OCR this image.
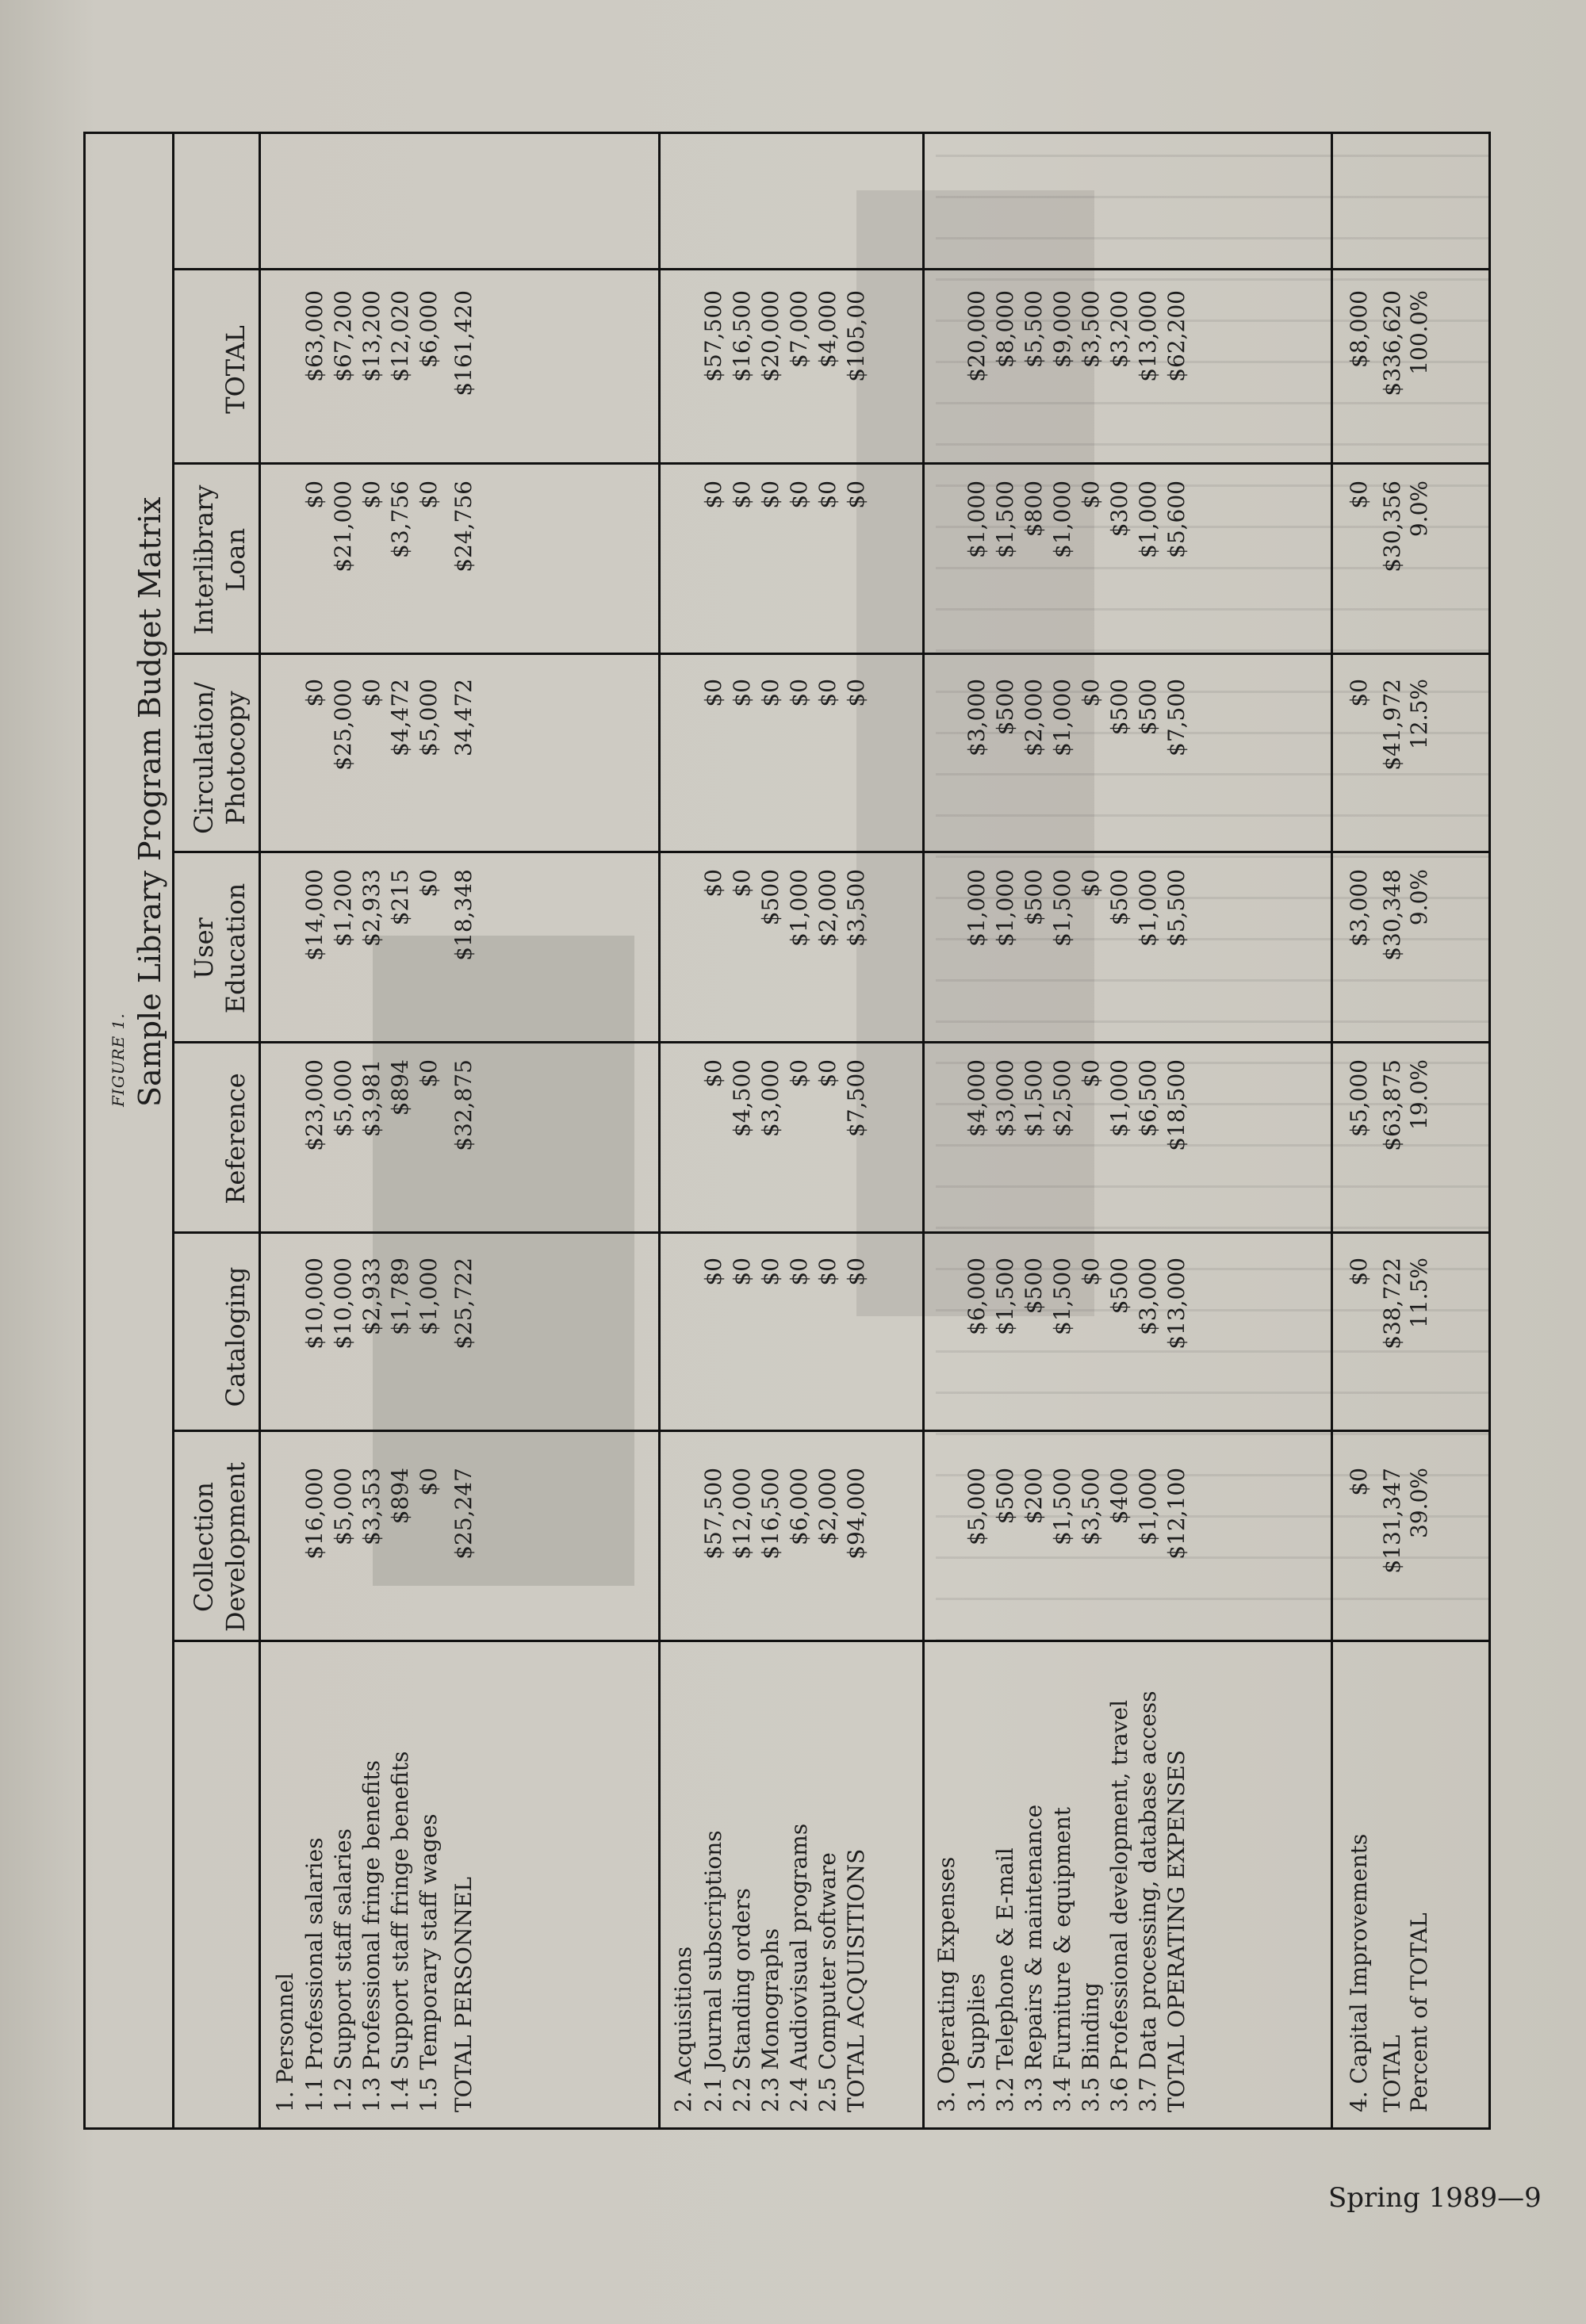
FIGURE 1. Sample Library Program Budget Matrix
Collection Development

Cataloging

Reference
User Education
Circulation/ Photocopy
Interlibrary Loan

TOTAL
1. Personnel 1.1 Professional salaries
$16,000
$10,000
$23,000
$14,000
$0
$0
$63,000
1.2 Support staff salaries
$5,000
$10,000
$5,000
$1,200
$25,000
$21,000
$67,200
1.3 Professional fringe benefits
$3,353
$2,933
$3,981
$2,933
$0
$0
$13,200
1.4 Support staff fringe benefits
$894
$1,789
$894
$215
$4,472
$3,756
$12,020
1.5 Temporary staff wages
$0
$1,000
$0
$0
$5,000
$0
$6,000
TOTAL PERSONNEL
$25,247
$25,722
$32,875
$18,348
34,472
$24,756
$161,420
2. Acquisitions 2.1 Journal subscriptions
$57,500
$0
$0
$0
$0
$0
$57,500
2.2 Standing orders
$12,000
$0
$4,500
$0
$0
$0
$16,500
2.3 Monographs
$16,500
$0
$3,000
$500
$0
$0
$20,000
2.4 Audiovisual programs
$6,000
$0
$0
$1,000
$0
$0
$7,000
2.5 Computer software
$2,000
$0
$0
$2,000
$0
$0
$4,000
TOTAL ACQUISITIONS
$94,000
$0
$7,500
$3,500
$0
$0
$105,00
3. Operating Expenses 3.1 Supplies
$5,000
$6,000
$4,000
$1,000
$3,000
$1,000
$20,000
3.2 Telephone & E-mail
$500
$1,500
$3,000
$1,000
$500
$1,500
$8,000
3.3 Repairs & maintenance
$200
$500
$1,500
$500
$2,000
$800
$5,500
3.4 Furniture & equipment
$1,500
$1,500
$2,500
$1,500
$1,000
$1,000
$9,000
3.5 Binding
$3,500
$0
$0
$0
$0
$0
$3,500
3.6 Professional development, travel
$400
$500
$1,000
$500
$500
$300
$3,200
3.7 Data processing, database access
$1,000
$3,000
$6,500
$1,000
$500
$1,000
$13,000
TOTAL OPERATING EXPENSES
$12,100
$13,000
$18,500
$5,500
$7,500
$5,600
$62,200
4. Capital Improvements
$0
$0
$5,000
$3,000
$0
$0
$8,000
TOTAL
$131,347
$38,722
$63,875
$30,348
$41,972
$30,356
$336,620
Percent of TOTAL
39.0%
11.5%
19.0%
9.0%
12.5%
9.0%
100.0%
Spring 1989—9
